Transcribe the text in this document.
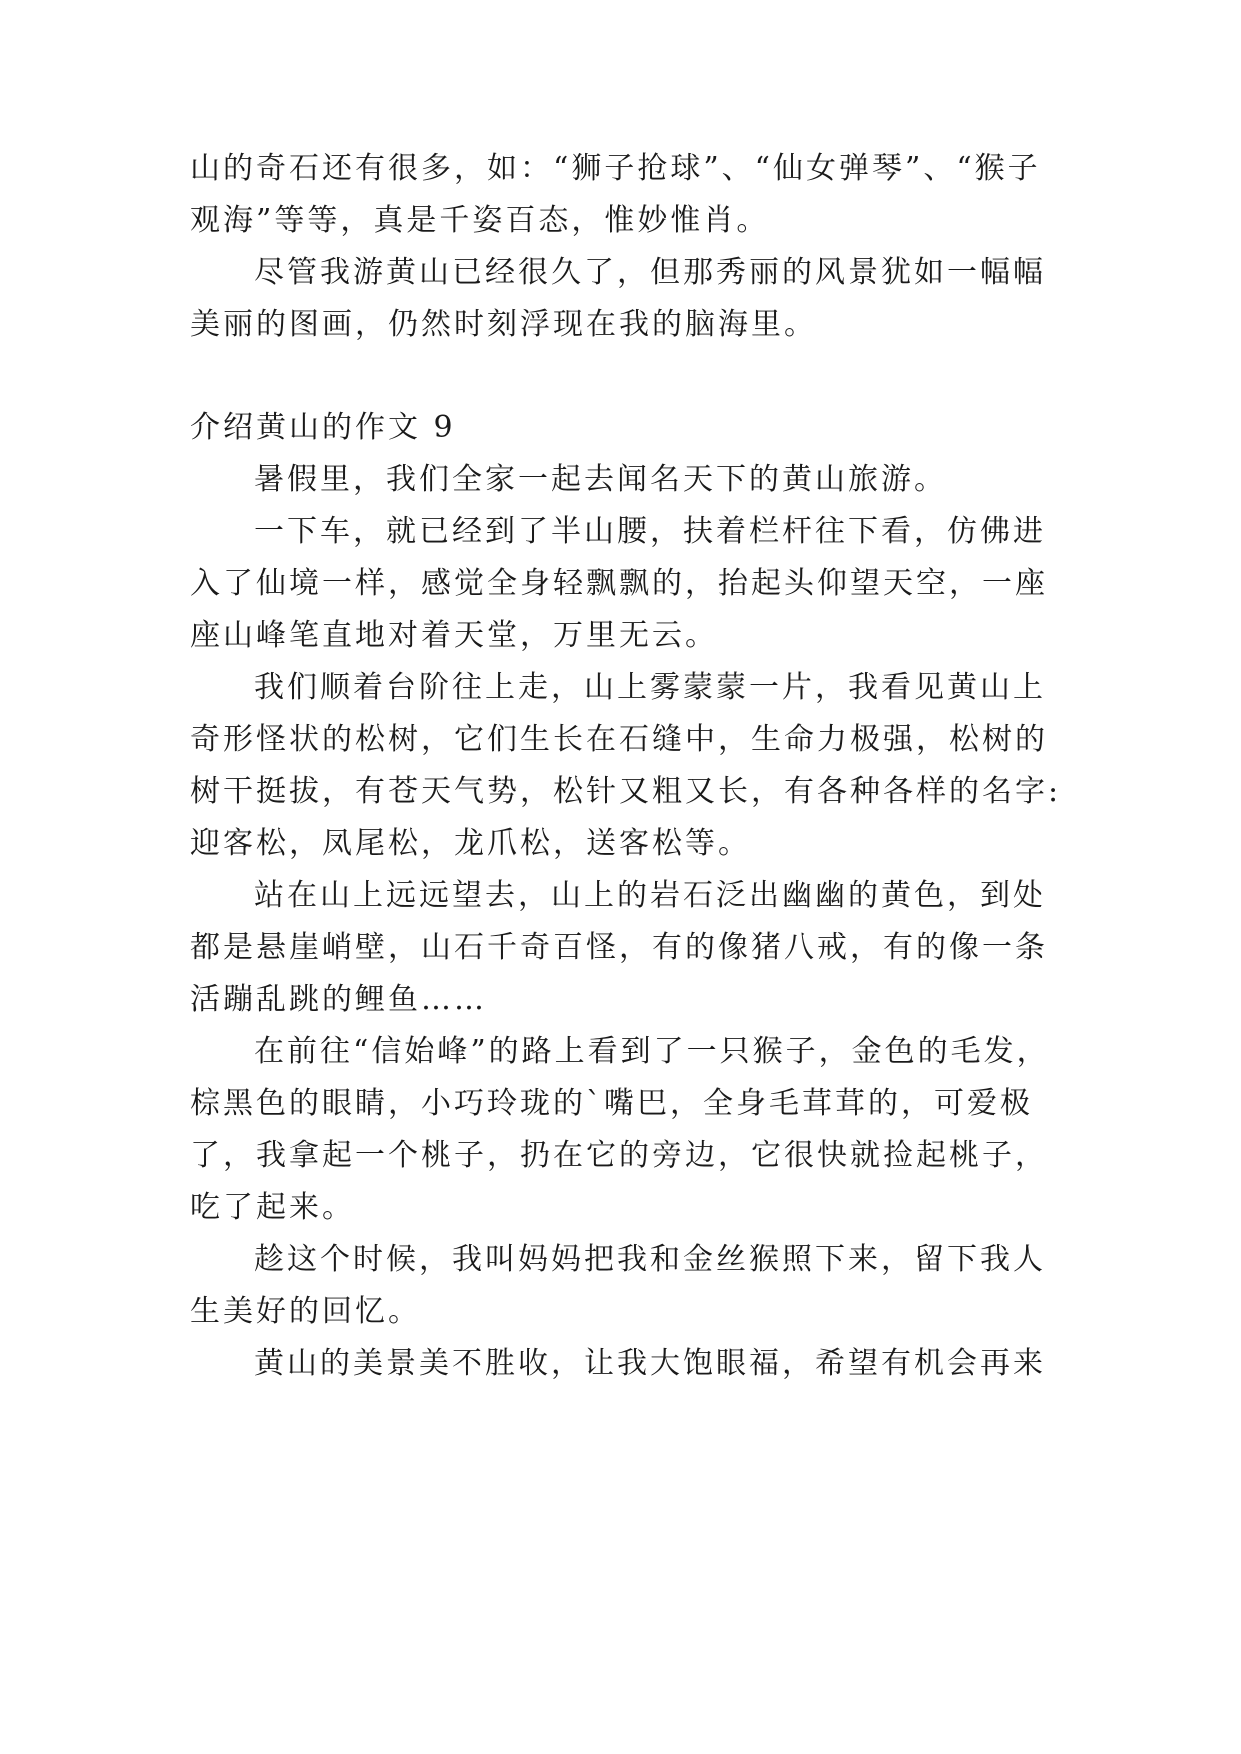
山的奇石还有很多，如：“狮子抢球”、“仙女弹琴”、“猴子
观海”等等，真是千姿百态，惟妙惟肖。
尽管我游黄山已经很久了，但那秀丽的风景犹如一幅幅
美丽的图画，仍然时刻浮现在我的脑海里。
介绍黄山的作文 9
暑假里，我们全家一起去闻名天下的黄山旅游。
一下车，就已经到了半山腰，扶着栏杆往下看，仿佛进
入了仙境一样，感觉全身轻飘飘的，抬起头仰望天空，一座
座山峰笔直地对着天堂，万里无云。
我们顺着台阶往上走，山上雾蒙蒙一片，我看见黄山上
奇形怪状的松树，它们生长在石缝中，生命力极强，松树的
树干挺拔，有苍天气势，松针又粗又长，有各种各样的名字:
迎客松，凤尾松，龙爪松，送客松等。
站在山上远远望去，山上的岩石泛出幽幽的黄色，到处
都是悬崖峭壁，山石千奇百怪，有的像猪八戒，有的像一条
活蹦乱跳的鲤鱼……
在前往“信始峰”的路上看到了一只猴子，金色的毛发，
棕黑色的眼睛，小巧玲珑的`嘴巴，全身毛茸茸的，可爱极
了，我拿起一个桃子，扔在它的旁边，它很快就捡起桃子，
吃了起来。
趁这个时候，我叫妈妈把我和金丝猴照下来，留下我人
生美好的回忆。
黄山的美景美不胜收，让我大饱眼福，希望有机会再来
